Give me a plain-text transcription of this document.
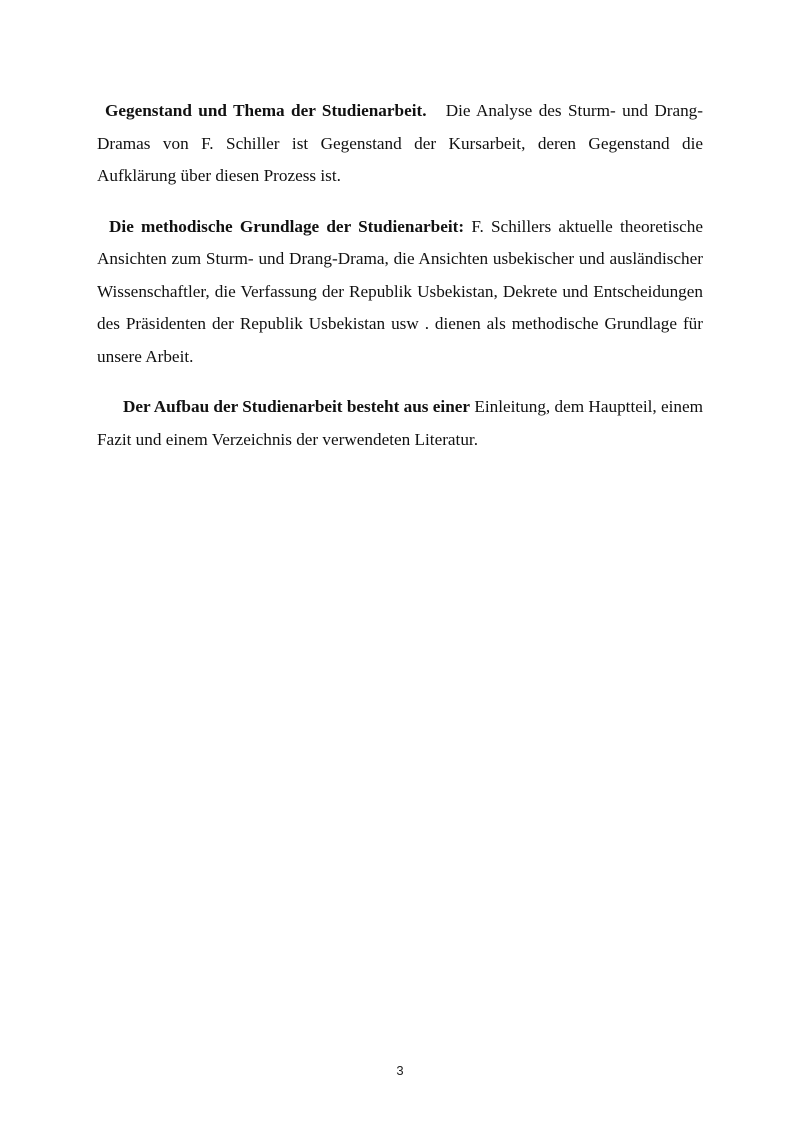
Gegenstand und Thema der Studienarbeit. Die Analyse des Sturm- und Drang-Dramas von F. Schiller ist Gegenstand der Kursarbeit, deren Gegenstand die Aufklärung über diesen Prozess ist.

Die methodische Grundlage der Studienarbeit: F. Schillers aktuelle theoretische Ansichten zum Sturm- und Drang-Drama, die Ansichten usbekischer und ausländischer Wissenschaftler, die Verfassung der Republik Usbekistan, Dekrete und Entscheidungen des Präsidenten der Republik Usbekistan usw . dienen als methodische Grundlage für unsere Arbeit.

Der Aufbau der Studienarbeit besteht aus einer Einleitung, dem Hauptteil, einem Fazit und einem Verzeichnis der verwendeten Literatur.

3
